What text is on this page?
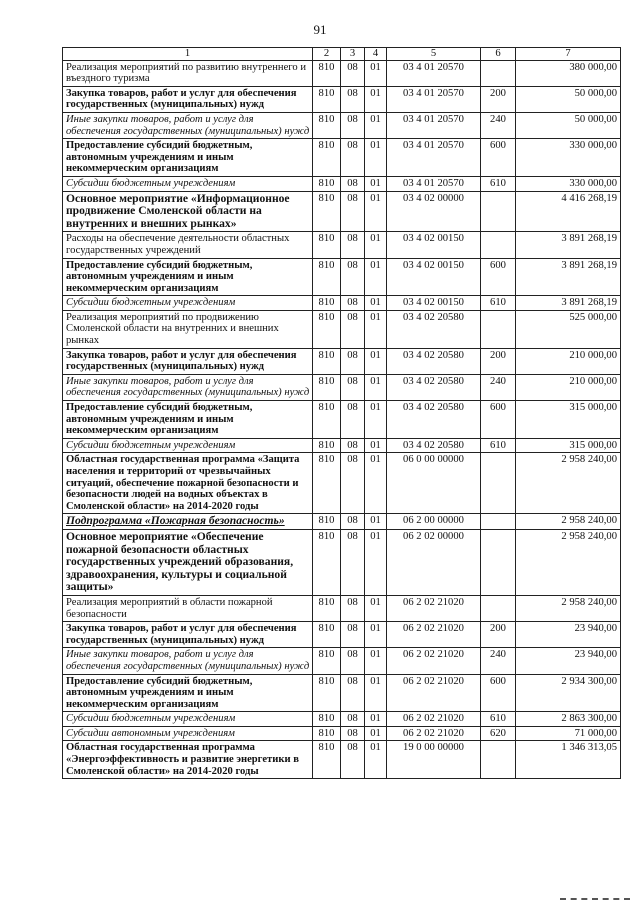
91
1	2	3	4	5	6	7
Реализация мероприятий по развитию внутреннего и въездного туризма	810	08	01	03 4 01 20570		380 000,00
Закупка товаров, работ и услуг для обеспечения государственных (муниципальных) нужд	810	08	01	03 4 01 20570	200	50 000,00
Иные закупки товаров, работ и услуг для обеспечения государственных (муниципальных) нужд	810	08	01	03 4 01 20570	240	50 000,00
Предоставление субсидий бюджетным, автономным учреждениям и иным некоммерческим организациям	810	08	01	03 4 01 20570	600	330 000,00
Субсидии бюджетным учреждениям	810	08	01	03 4 01 20570	610	330 000,00
Основное мероприятие «Информационное продвижение Смоленской области на внутренних и внешних рынках»	810	08	01	03 4 02 00000		4 416 268,19
Расходы на обеспечение деятельности областных государственных учреждений	810	08	01	03 4 02 00150		3 891 268,19
Предоставление субсидий бюджетным, автономным учреждениям и иным некоммерческим организациям	810	08	01	03 4 02 00150	600	3 891 268,19
Субсидии бюджетным учреждениям	810	08	01	03 4 02 00150	610	3 891 268,19
Реализация мероприятий по продвижению Смоленской области на внутренних и внешних рынках	810	08	01	03 4 02 20580		525 000,00
Закупка товаров, работ и услуг для обеспечения государственных (муниципальных) нужд	810	08	01	03 4 02 20580	200	210 000,00
Иные закупки товаров, работ и услуг для обеспечения государственных (муниципальных) нужд	810	08	01	03 4 02 20580	240	210 000,00
Предоставление субсидий бюджетным, автономным учреждениям и иным некоммерческим организациям	810	08	01	03 4 02 20580	600	315 000,00
Субсидии бюджетным учреждениям	810	08	01	03 4 02 20580	610	315 000,00
Областная государственная программа «Защита населения и территорий от чрезвычайных ситуаций, обеспечение пожарной безопасности и безопасности людей на водных объектах в Смоленской области» на 2014-2020 годы	810	08	01	06 0 00 00000		2 958 240,00
Подпрограмма «Пожарная безопасность»	810	08	01	06 2 00 00000		2 958 240,00
Основное мероприятие «Обеспечение пожарной безопасности областных государственных учреждений образования, здравоохранения, культуры и социальной защиты»	810	08	01	06 2 02 00000		2 958 240,00
Реализация мероприятий в области пожарной безопасности	810	08	01	06 2 02 21020		2 958 240,00
Закупка товаров, работ и услуг для обеспечения государственных (муниципальных) нужд	810	08	01	06 2 02 21020	200	23 940,00
Иные закупки товаров, работ и услуг для обеспечения государственных (муниципальных) нужд	810	08	01	06 2 02 21020	240	23 940,00
Предоставление субсидий бюджетным, автономным учреждениям и иным некоммерческим организациям	810	08	01	06 2 02 21020	600	2 934 300,00
Субсидии бюджетным учреждениям	810	08	01	06 2 02 21020	610	2 863 300,00
Субсидии автономным учреждениям	810	08	01	06 2 02 21020	620	71 000,00
Областная государственная программа «Энергоэффективность и развитие энергетики в Смоленской области» на 2014-2020 годы	810	08	01	19 0 00 00000		1 346 313,05
